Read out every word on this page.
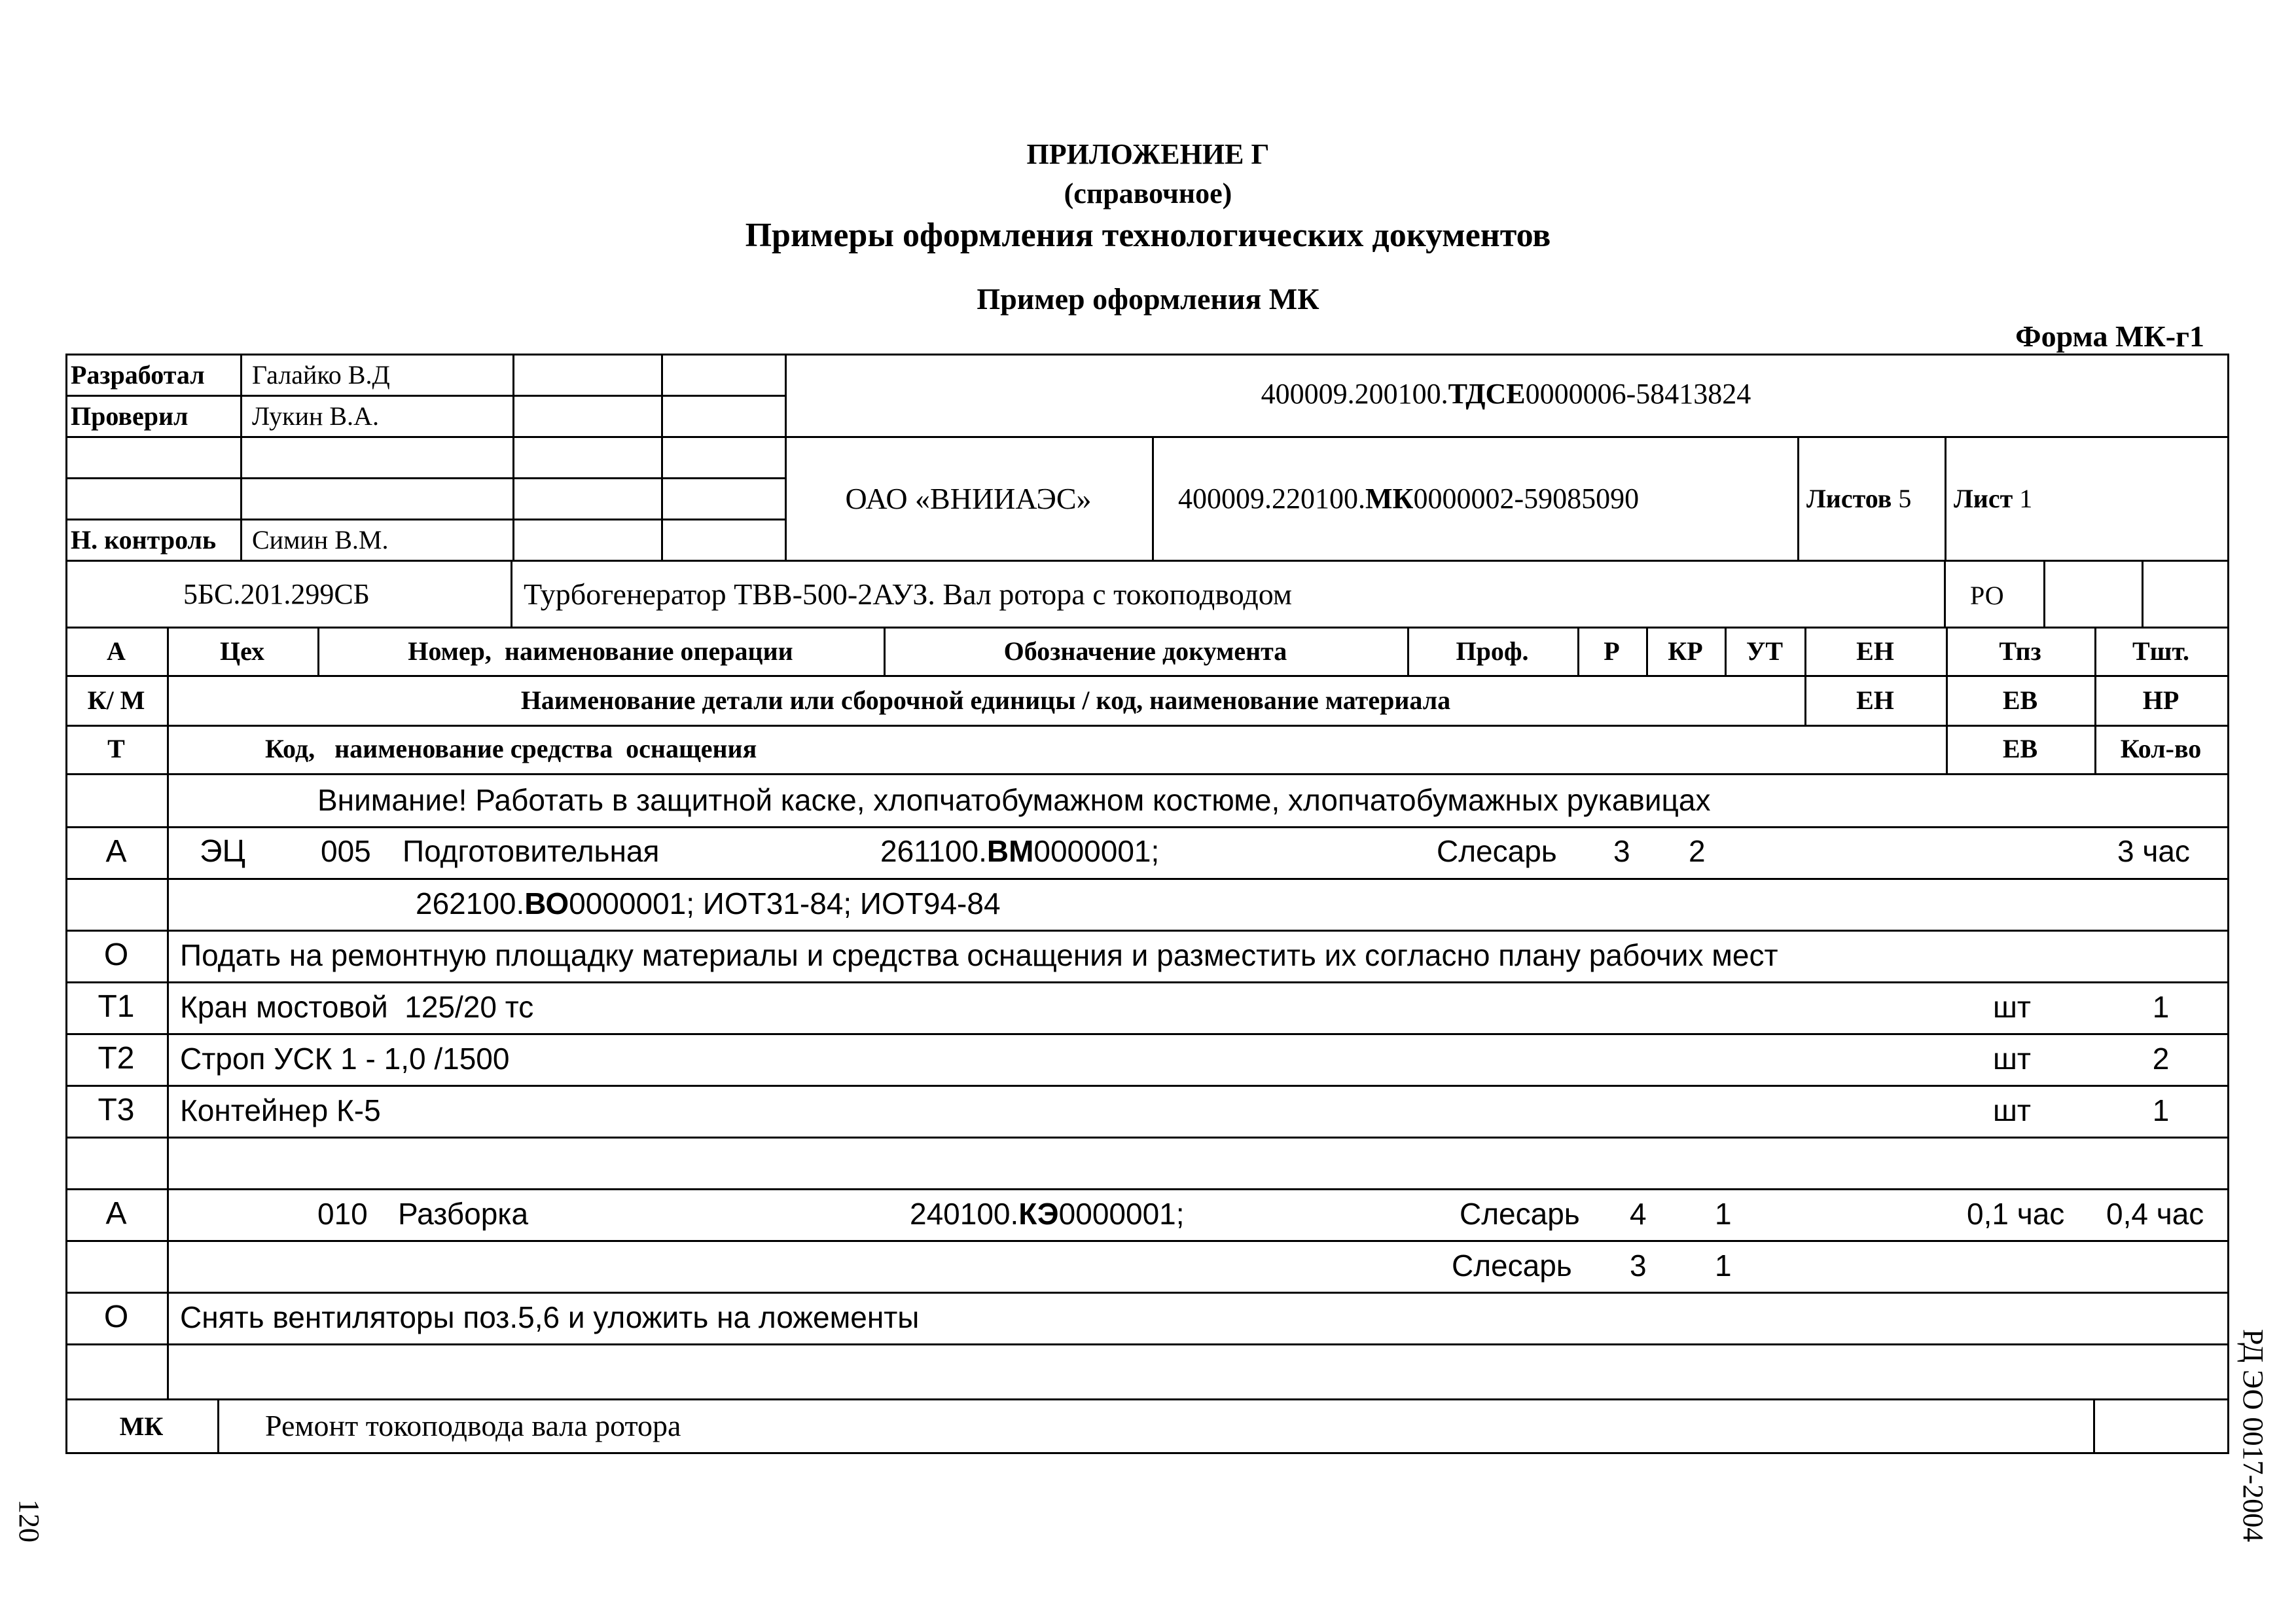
ПРИЛОЖЕНИЕ Г
(справочное)
Примеры оформления технологических документов
Пример оформления МК
Форма МК-г1
Разработал Галайко В.Д
Проверил Лукин В.А.
Н. контроль Симин В.М.
400009.200100.ТДСЕ0000006-58413824
ОАО «ВНИИАЭС»	400009.220100.МК0000002-59085090	Листов 5 Лист 1
5БС.201.299СБ	Турбогенератор ТВВ-500-2АУЗ. Вал ротора с токоподводом	РО
А	Цех	Номер,  наименование операции	Обозначение документа	Проф.	Р	КР	УТ	ЕН	Тпз	Тшт.
К/ М	Наименование детали или сборочной единицы / код, наименование материала	ЕН	ЕВ	НР
Т	Код,   наименование средства  оснащения	ЕВ	Кол-во
Внимание! Работать в защитной каске, хлопчатобумажном костюме, хлопчатобумажных рукавицах
А	ЭЦ 005 Подготовительная	261100.ВМ0000001;	Слесарь 3 2	3 час
262100.ВО0000001; ИОТ31-84; ИОТ94-84
О	Подать на ремонтную площадку материалы и средства оснащения и разместить их согласно плану рабочих мест
Т1	Кран мостовой  125/20 тс	шт	1
Т2	Строп УСК 1 - 1,0 /1500	шт	2
Т3	Контейнер К-5	шт	1
А	010 Разборка	240100.КЭ0000001;	Слесарь 4 1	0,1 час 0,4 час
Слесарь 3 1
О	Снять вентиляторы поз.5,6 и уложить на ложементы
МК	Ремонт токоподвода вала ротора
120	РД ЭО 0017-2004
